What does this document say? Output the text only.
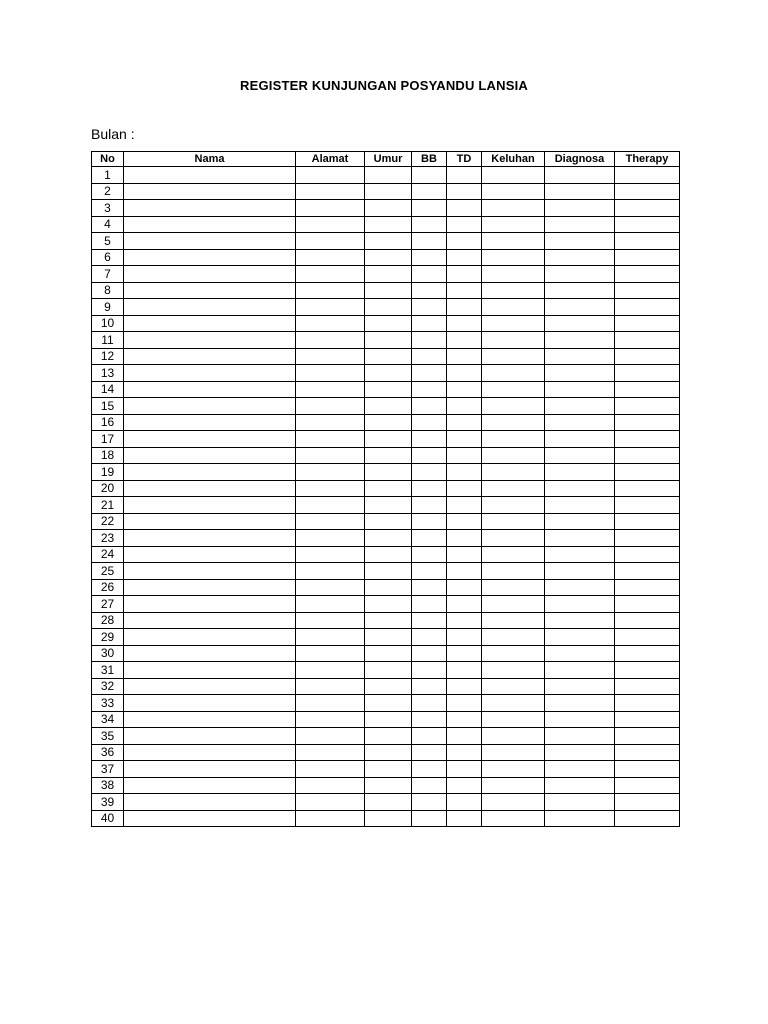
REGISTER KUNJUNGAN POSYANDU LANSIA
Bulan :
No	Nama	Alamat	Umur	BB	TD	Keluhan	Diagnosa	Therapy
1								
2								
3								
4								
5								
6								
7								
8								
9								
10								
11								
12								
13								
14								
15								
16								
17								
18								
19								
20								
21								
22								
23								
24								
25								
26								
27								
28								
29								
30								
31								
32								
33								
34								
35								
36								
37								
38								
39								
40								
